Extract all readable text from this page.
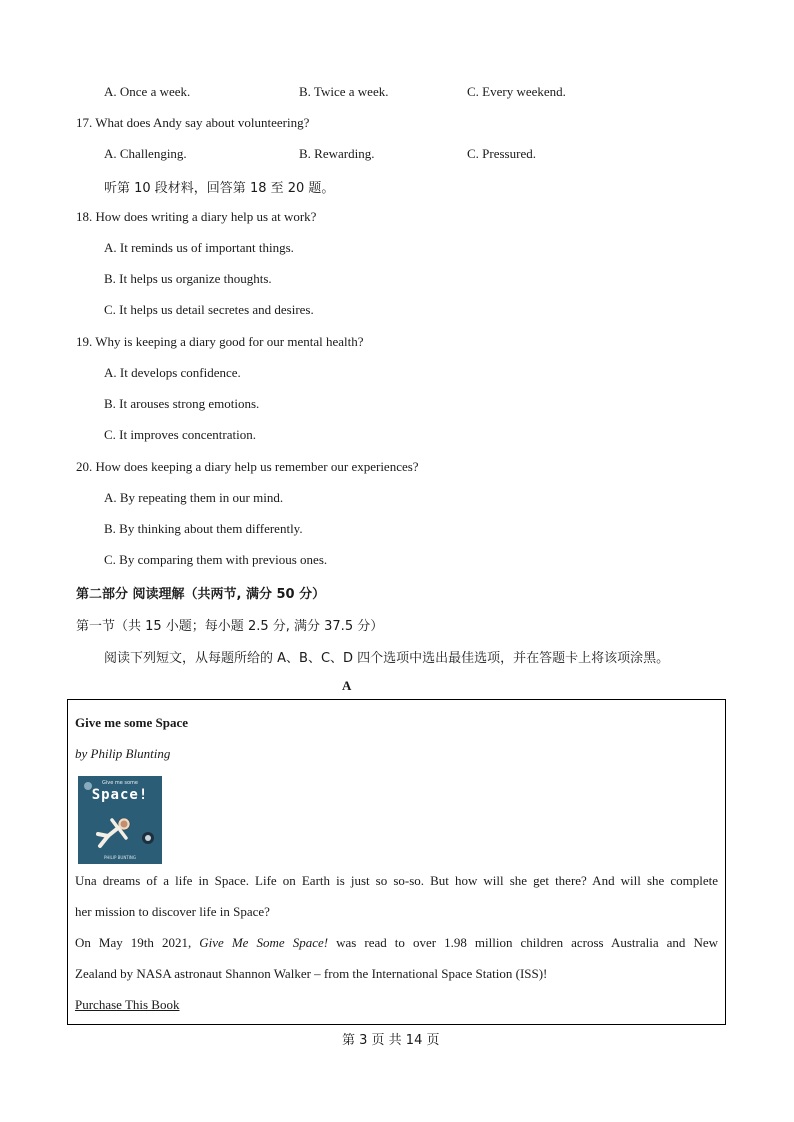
A. Once a week.	B. Twice a week.	C. Every weekend.
17. What does Andy say about volunteering?
A. Challenging.	B. Rewarding.	C. Pressured.
听第 10 段材料，回答第 18 至 20 题。
18. How does writing a diary help us at work?
A. It reminds us of important things.
B. It helps us organize thoughts.
C. It helps us detail secretes and desires.
19. Why is keeping a diary good for our mental health?
A. It develops confidence.
B. It arouses strong emotions.
C. It improves concentration.
20. How does keeping a diary help us remember our experiences?
A. By repeating them in our mind.
B. By thinking about them differently.
C. By comparing them with previous ones.
第二部分 阅读理解（共两节, 满分 50 分）
第一节（共 15 小题；每小题 2.5 分, 满分 37.5 分）
阅读下列短文，从每题所给的 A、B、C、D 四个选项中选出最佳选项，并在答题卡上将该项涂黑。
A
Give me some Space
by Philip Blunting
Give me some
Space!
PHILIP BUNTING
Una dreams of a life in Space. Life on Earth is just so so-so. But how will she get there? And will she complete
her mission to discover life in Space?
On May 19th 2021, Give Me Some Space! was read to over 1.98 million children across Australia and New
Zealand by NASA astronaut Shannon Walker – from the International Space Station (ISS)!
Purchase This Book
第 3 页 共 14 页
